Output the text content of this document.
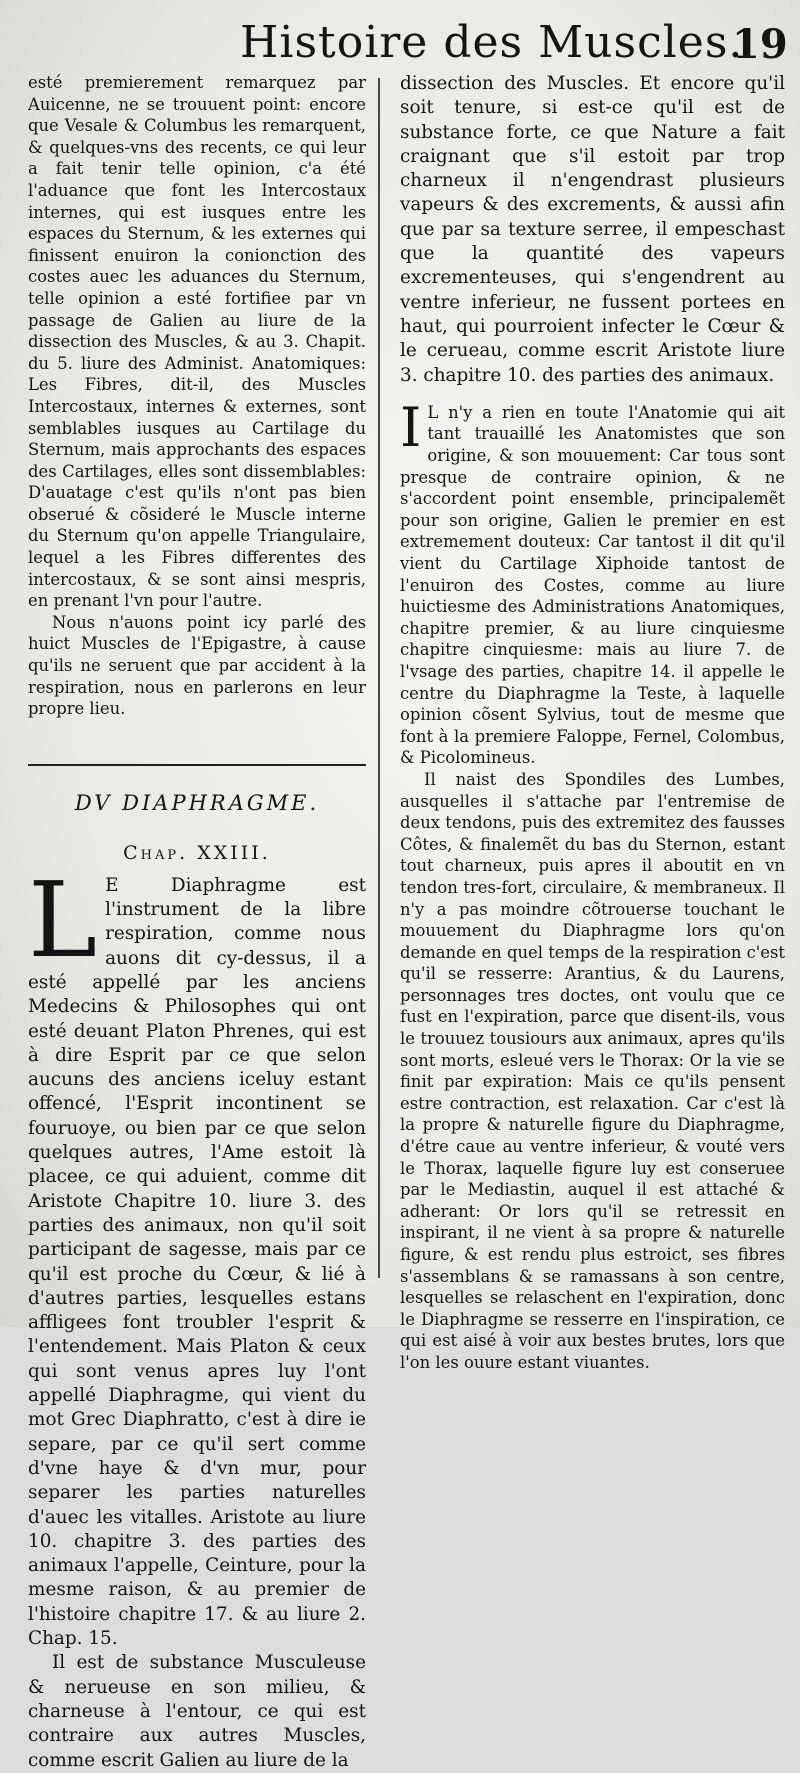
Histoire des Muscles.
19

esté premierement remarquez par Auicenne, ne se trouuent point: encore que Vesale & Columbus les remarquent, & quelques-vns des recents, ce qui leur a fait tenir telle opinion, c'a été l'aduance que font les Intercostaux internes, qui est iusques entre les espaces du Sternum, & les externes qui finissent enuiron la conionction des costes auec les aduances du Sternum, telle opinion a esté fortifiee par vn passage de Galien au liure de la dissection des Muscles, & au 3. Chapit. du 5. liure des Administ. Anatomiques: Les Fibres, dit-il, des Muscles Intercostaux, internes & externes, sont semblables iusques au Cartilage du Sternum, mais approchants des espaces des Cartilages, elles sont dissemblables: D'auatage c'est qu'ils n'ont pas bien obserué & cõsideré le Muscle interne du Sternum qu'on appelle Triangulaire, lequel a les Fibres differentes des intercostaux, & se sont ainsi mespris, en prenant l'vn pour l'autre.

Nous n'auons point icy parlé des huict Muscles de l'Epigastre, à cause qu'ils ne seruent que par accident à la respiration, nous en parlerons en leur propre lieu.

DV DIAPHRAGME.
Chap. XXIII.

L E Diaphragme est l'instrument de la libre respiration, comme nous auons dit cy-dessus, il a esté appellé par les anciens Medecins & Philosophes qui ont esté deuant Platon Phrenes, qui est à dire Esprit par ce que selon aucuns des anciens iceluy estant offencé, l'Esprit incontinent se fouruoye, ou bien par ce que selon quelques autres, l'Ame estoit là placee, ce qui aduient, comme dit Aristote Chapitre 10. liure 3. des parties des animaux, non qu'il soit participant de sagesse, mais par ce qu'il est proche du Cœur, & lié à d'autres parties, lesquelles estans affligees font troubler l'esprit & l'entendement. Mais Platon & ceux qui sont venus apres luy l'ont appellé Diaphragme, qui vient du mot Grec Diaphratto, c'est à dire ie separe, par ce qu'il sert comme d'vne haye & d'vn mur, pour separer les parties naturelles d'auec les vitalles. Aristote au liure 10. chapitre 3. des parties des animaux l'appelle, Ceinture, pour la mesme raison, & au premier de l'histoire chapitre 17. & au liure 2. Chap. 15.

Il est de substance Musculeuse & nerueuse en son milieu, & charneuse à l'entour, ce qui est contraire aux autres Muscles, comme escrit Galien au liure de la

dissection des Muscles. Et encore qu'il soit tenure, si est-ce qu'il est de substance forte, ce que Nature a fait craignant que s'il estoit par trop charneux il n'engendrast plusieurs vapeurs & des excrements, & aussi afin que par sa texture serree, il empeschast que la quantité des vapeurs excrementeuses, qui s'engendrent au ventre inferieur, ne fussent portees en haut, qui pourroient infecter le Cœur & le cerueau, comme escrit Aristote liure 3. chapitre 10. des parties des animaux.

I L n'y a rien en toute l'Anatomie qui ait tant trauaillé les Anatomistes que son origine, & son mouuement: Car tous sont presque de contraire opinion, & ne s'accordent point ensemble, principalemẽt pour son origine, Galien le premier en est extremement douteux: Car tantost il dit qu'il vient du Cartilage Xiphoide tantost de l'enuiron des Costes, comme au liure huictiesme des Administrations Anatomiques, chapitre premier, & au liure cinquiesme chapitre cinquiesme: mais au liure 7. de l'vsage des parties, chapitre 14. il appelle le centre du Diaphragme la Teste, à laquelle opinion cõsent Sylvius, tout de mesme que font à la premiere Faloppe, Fernel, Colombus, & Picolomineus.

Il naist des Spondiles des Lumbes, ausquelles il s'attache par l'entremise de deux tendons, puis des extremitez des fausses Côtes, & finalemẽt du bas du Sternon, estant tout charneux, puis apres il aboutit en vn tendon tres-fort, circulaire, & membraneux. Il n'y a pas moindre cõtrouerse touchant le mouuement du Diaphragme lors qu'on demande en quel temps de la respiration c'est qu'il se resserre: Arantius, & du Laurens, personnages tres doctes, ont voulu que ce fust en l'expiration, parce que disent-ils, vous le trouuez tousiours aux animaux, apres qu'ils sont morts, esleué vers le Thorax: Or la vie se finit par expiration: Mais ce qu'ils pensent estre contraction, est relaxation. Car c'est là la propre & naturelle figure du Diaphragme, d'étre caue au ventre inferieur, & vouté vers le Thorax, laquelle figure luy est conseruee par le Mediastin, auquel il est attaché & adherant: Or lors qu'il se retressit en inspirant, il ne vient à sa propre & naturelle figure, & est rendu plus estroict, ses fibres s'assemblans & se ramassans à son centre, lesquelles se relaschent en l'expiration, donc le Diaphragme se resserre en l'inspiration, ce qui est aisé à voir aux bestes brutes, lors que l'on les ouure estant viuantes.
